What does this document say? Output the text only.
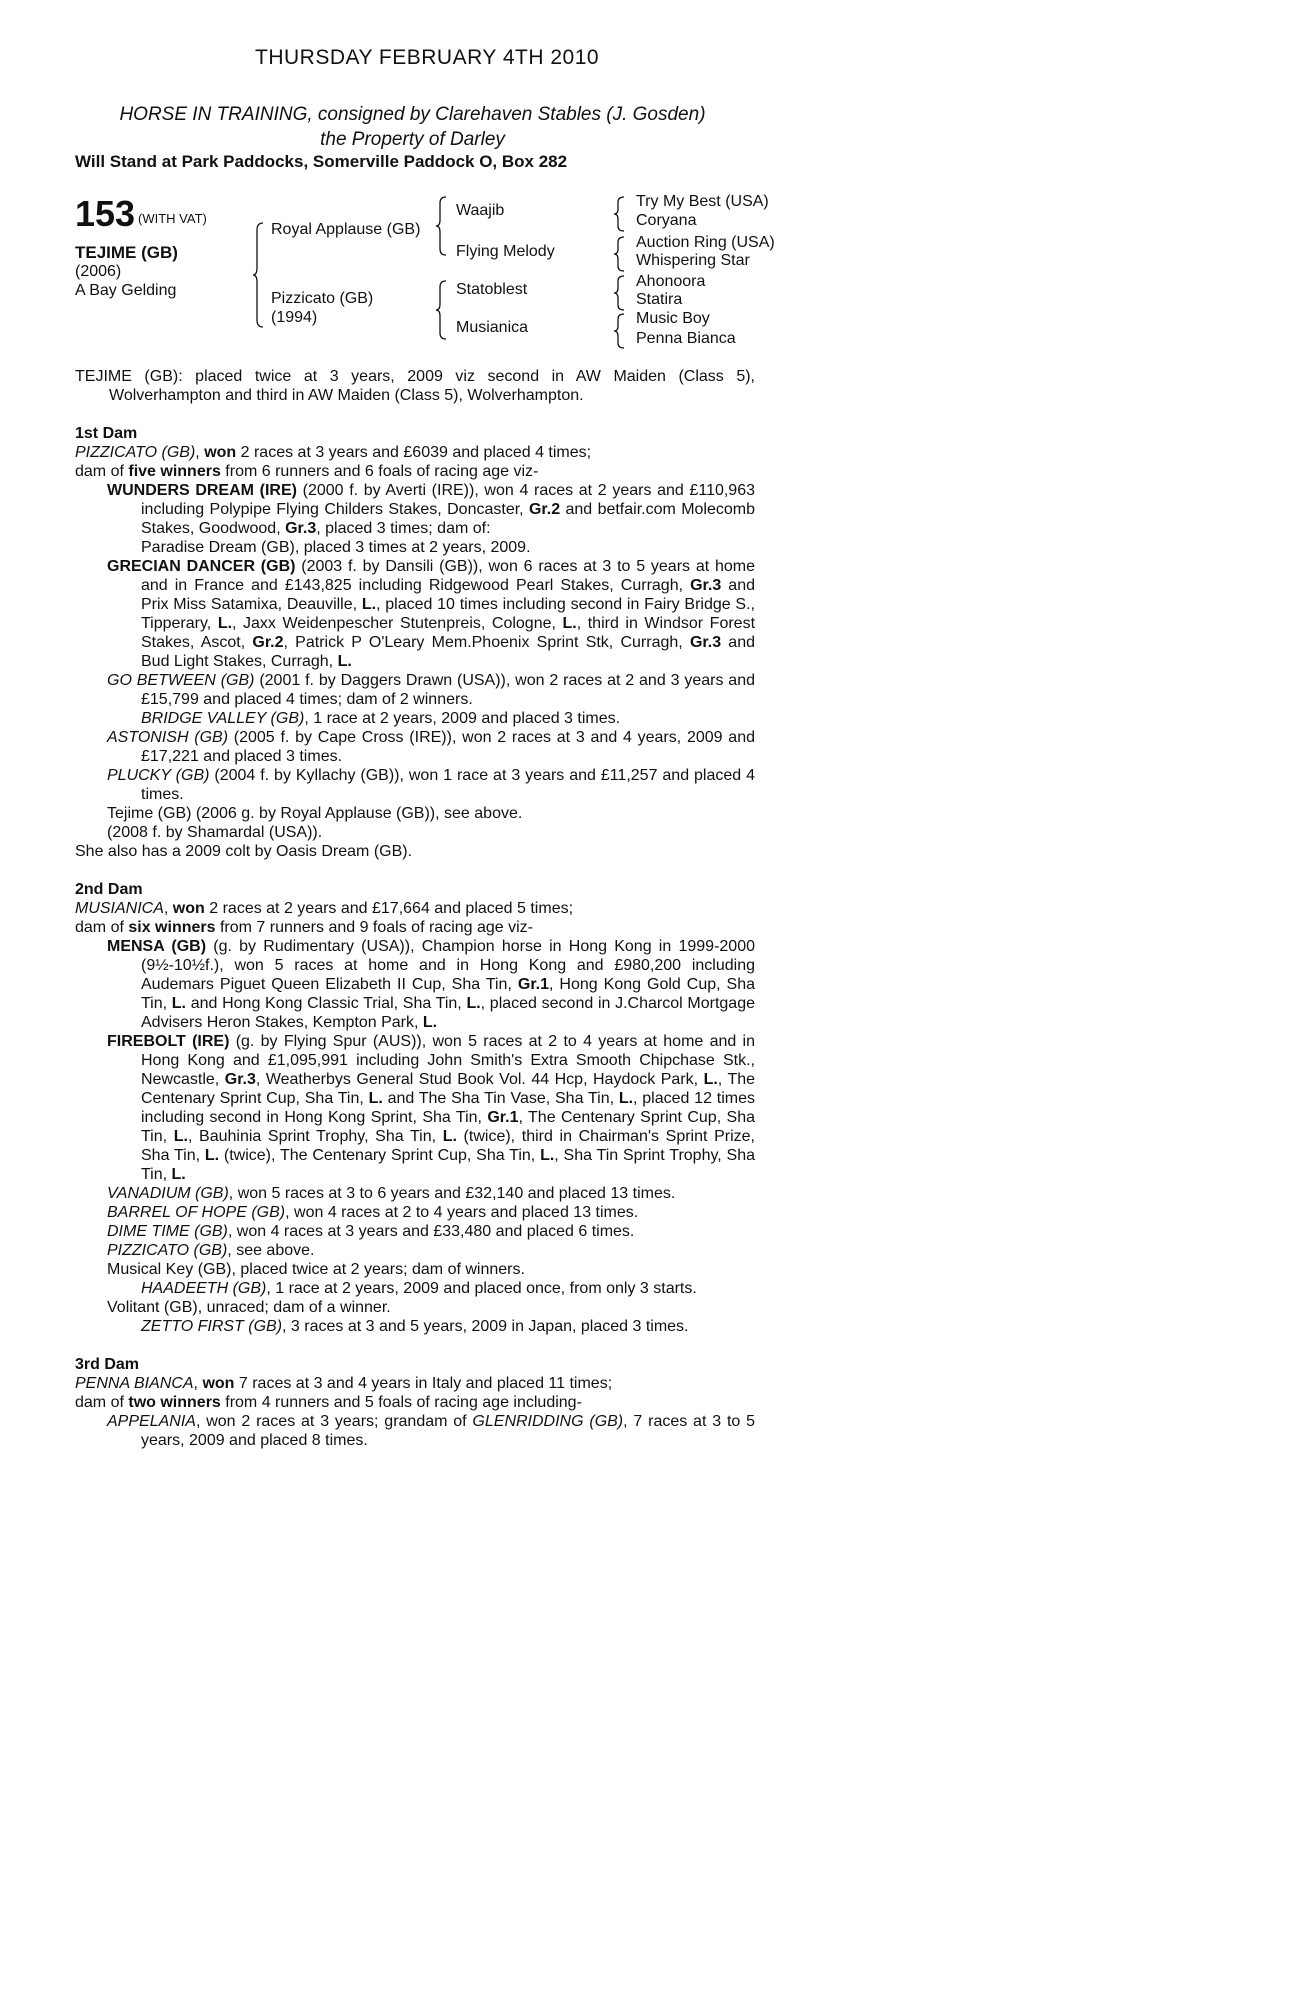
THURSDAY FEBRUARY 4TH 2010
HORSE IN TRAINING, consigned by Clarehaven Stables (J. Gosden)
the Property of Darley
Will Stand at Park Paddocks, Somerville Paddock O, Box 282
153 (WITH VAT)
TEJIME (GB)
(2006)
A Bay Gelding
Royal Applause (GB)
Pizzicato (GB)
(1994)
Waajib
Flying Melody
Statoblest
Musianica
Try My Best (USA)
Coryana
Auction Ring (USA)
Whispering Star
Ahonoora
Statira
Music Boy
Penna Bianca

TEJIME (GB): placed twice at 3 years, 2009 viz second in AW Maiden (Class 5), Wolverhampton and third in AW Maiden (Class 5), Wolverhampton.

1st Dam

PIZZICATO (GB), won 2 races at 3 years and £6039 and placed 4 times;

dam of five winners from 6 runners and 6 foals of racing age viz-

WUNDERS DREAM (IRE) (2000 f. by Averti (IRE)), won 4 races at 2 years and £110,963 including Polypipe Flying Childers Stakes, Doncaster, Gr.2 and betfair.com Molecomb Stakes, Goodwood, Gr.3, placed 3 times; dam of:

Paradise Dream (GB), placed 3 times at 2 years, 2009.

GRECIAN DANCER (GB) (2003 f. by Dansili (GB)), won 6 races at 3 to 5 years at home and in France and £143,825 including Ridgewood Pearl Stakes, Curragh, Gr.3 and Prix Miss Satamixa, Deauville, L., placed 10 times including second in Fairy Bridge S., Tipperary, L., Jaxx Weidenpescher Stutenpreis, Cologne, L., third in Windsor Forest Stakes, Ascot, Gr.2, Patrick P O'Leary Mem.Phoenix Sprint Stk, Curragh, Gr.3 and Bud Light Stakes, Curragh, L.

GO BETWEEN (GB) (2001 f. by Daggers Drawn (USA)), won 2 races at 2 and 3 years and £15,799 and placed 4 times; dam of 2 winners.

BRIDGE VALLEY (GB), 1 race at 2 years, 2009 and placed 3 times.

ASTONISH (GB) (2005 f. by Cape Cross (IRE)), won 2 races at 3 and 4 years, 2009 and £17,221 and placed 3 times.

PLUCKY (GB) (2004 f. by Kyllachy (GB)), won 1 race at 3 years and £11,257 and placed 4 times.

Tejime (GB) (2006 g. by Royal Applause (GB)), see above.

(2008 f. by Shamardal (USA)).

She also has a 2009 colt by Oasis Dream (GB).

2nd Dam

MUSIANICA, won 2 races at 2 years and £17,664 and placed 5 times;

dam of six winners from 7 runners and 9 foals of racing age viz-

MENSA (GB) (g. by Rudimentary (USA)), Champion horse in Hong Kong in 1999-2000 (9½-10½f.), won 5 races at home and in Hong Kong and £980,200 including Audemars Piguet Queen Elizabeth II Cup, Sha Tin, Gr.1, Hong Kong Gold Cup, Sha Tin, L. and Hong Kong Classic Trial, Sha Tin, L., placed second in J.Charcol Mortgage Advisers Heron Stakes, Kempton Park, L.

FIREBOLT (IRE) (g. by Flying Spur (AUS)), won 5 races at 2 to 4 years at home and in Hong Kong and £1,095,991 including John Smith's Extra Smooth Chipchase Stk., Newcastle, Gr.3, Weatherbys General Stud Book Vol. 44 Hcp, Haydock Park, L., The Centenary Sprint Cup, Sha Tin, L. and The Sha Tin Vase, Sha Tin, L., placed 12 times including second in Hong Kong Sprint, Sha Tin, Gr.1, The Centenary Sprint Cup, Sha Tin, L., Bauhinia Sprint Trophy, Sha Tin, L. (twice), third in Chairman's Sprint Prize, Sha Tin, L. (twice), The Centenary Sprint Cup, Sha Tin, L., Sha Tin Sprint Trophy, Sha Tin, L.

VANADIUM (GB), won 5 races at 3 to 6 years and £32,140 and placed 13 times.

BARREL OF HOPE (GB), won 4 races at 2 to 4 years and placed 13 times.

DIME TIME (GB), won 4 races at 3 years and £33,480 and placed 6 times.

PIZZICATO (GB), see above.

Musical Key (GB), placed twice at 2 years; dam of winners.

HAADEETH (GB), 1 race at 2 years, 2009 and placed once, from only 3 starts.

Volitant (GB), unraced; dam of a winner.

ZETTO FIRST (GB), 3 races at 3 and 5 years, 2009 in Japan, placed 3 times.

3rd Dam

PENNA BIANCA, won 7 races at 3 and 4 years in Italy and placed 11 times;

dam of two winners from 4 runners and 5 foals of racing age including-

APPELANIA, won 2 races at 3 years; grandam of GLENRIDDING (GB), 7 races at 3 to 5 years, 2009 and placed 8 times.
